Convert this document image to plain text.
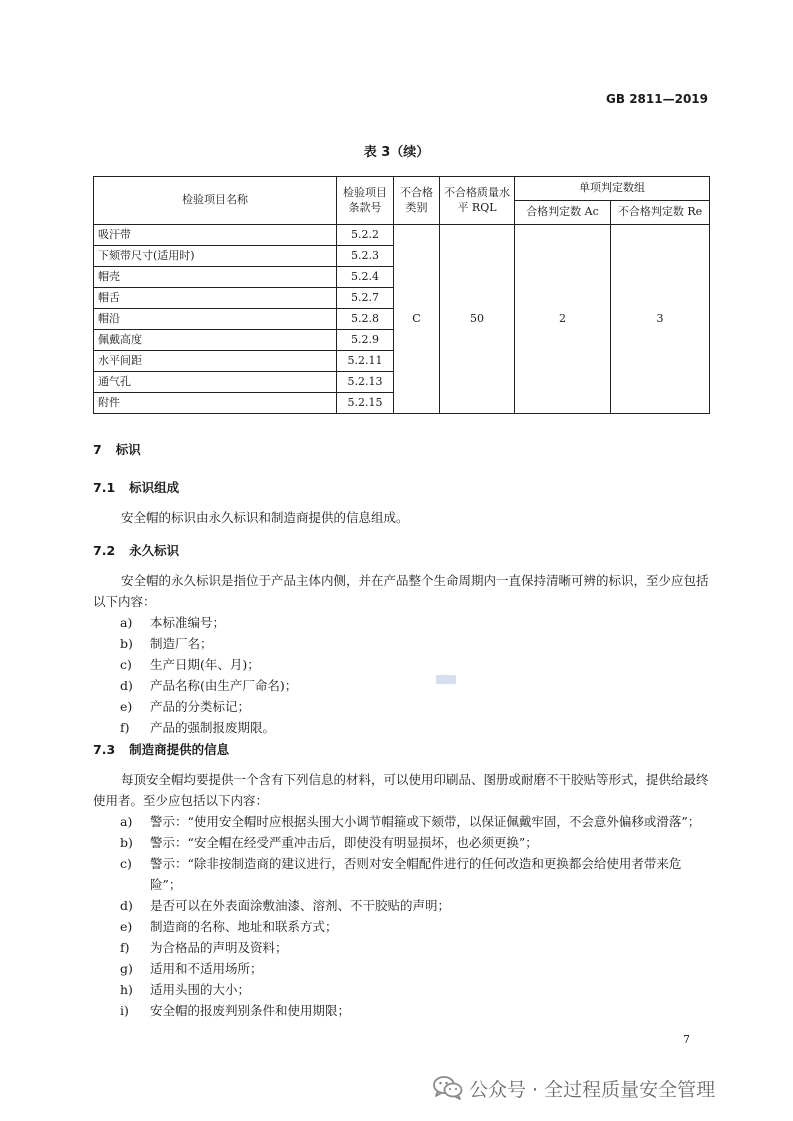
GB 2811—2019
表 3（续）
检验项目名称	检验项目条款号	不合格类别	不合格质量水平 RQL	单项判定数组	
				合格判定数 Ac	不合格判定数 Re
吸汗带	5.2.2	C	50	2	3
下颏带尺寸(适用时)	5.2.3				
帽壳	5.2.4				
帽舌	5.2.7				
帽沿	5.2.8				
佩戴高度	5.2.9				
水平间距	5.2.11				
通气孔	5.2.13				
附件	5.2.15				
7 标识
7.1 标识组成
安全帽的标识由永久标识和制造商提供的信息组成。
7.2 永久标识
安全帽的永久标识是指位于产品主体内侧，并在产品整个生命周期内一直保持清晰可辨的标识，至少应包括以下内容：
a) 本标准编号；
b) 制造厂名；
c) 生产日期(年、月)；
d) 产品名称(由生产厂命名)；
e) 产品的分类标记；
f) 产品的强制报废期限。
7.3 制造商提供的信息
每顶安全帽均要提供一个含有下列信息的材料，可以使用印刷品、图册或耐磨不干胶贴等形式，提供给最终使用者。至少应包括以下内容：
a) 警示：“使用安全帽时应根据头围大小调节帽箍或下颏带，以保证佩戴牢固，不会意外偏移或滑落”；
b) 警示：“安全帽在经受严重冲击后，即使没有明显损坏，也必须更换”；
c) 警示：“除非按制造商的建议进行，否则对安全帽配件进行的任何改造和更换都会给使用者带来危险”；
d) 是否可以在外表面涂敷油漆、溶剂、不干胶贴的声明；
e) 制造商的名称、地址和联系方式；
f) 为合格品的声明及资料；
g) 适用和不适用场所；
h) 适用头围的大小；
i) 安全帽的报废判别条件和使用期限；
7
公众号 · 全过程质量安全管理
